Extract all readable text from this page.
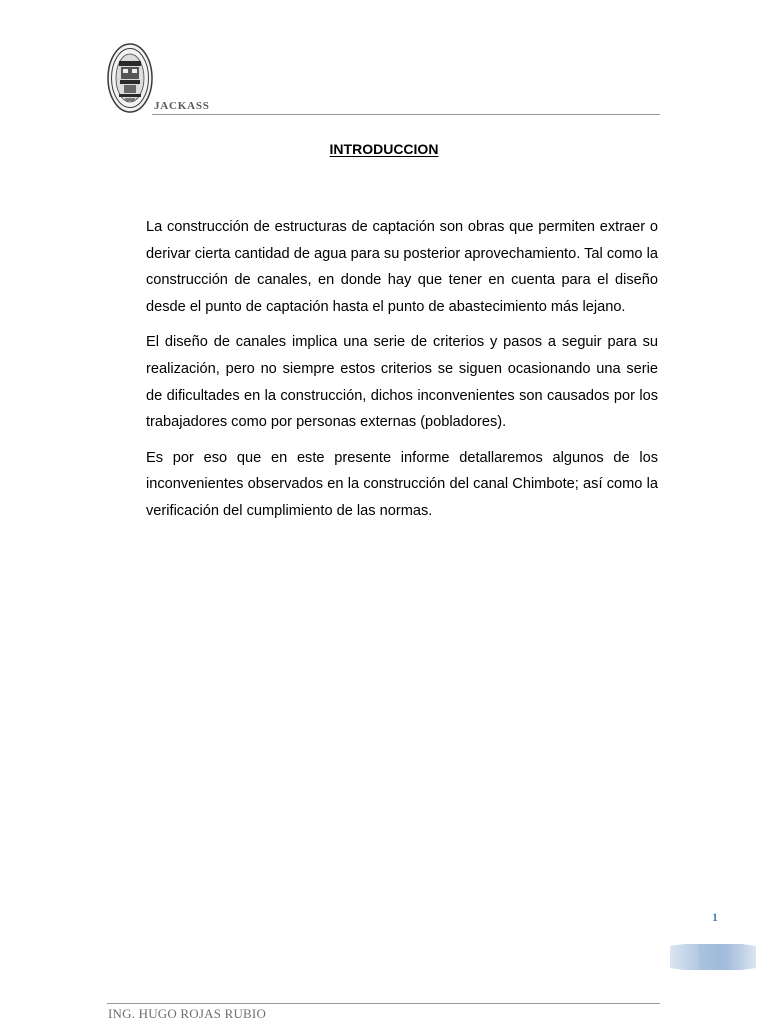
JACKASS
INTRODUCCION

La construcción de estructuras de captación son obras que permiten extraer o derivar cierta cantidad de agua para su posterior aprovechamiento. Tal como la construcción de canales, en donde hay que tener en cuenta para el diseño desde el punto de captación hasta el punto de abastecimiento más lejano.

El diseño de canales implica una serie de criterios y pasos a seguir para su realización, pero no siempre estos criterios se siguen ocasionando una serie de dificultades en la construcción, dichos inconvenientes son causados por los trabajadores como por personas externas (pobladores).

Es por eso que en este presente informe detallaremos algunos de los inconvenientes observados en la construcción del canal Chimbote; así como la verificación del cumplimiento de las normas.

1
ING. HUGO ROJAS RUBIO
